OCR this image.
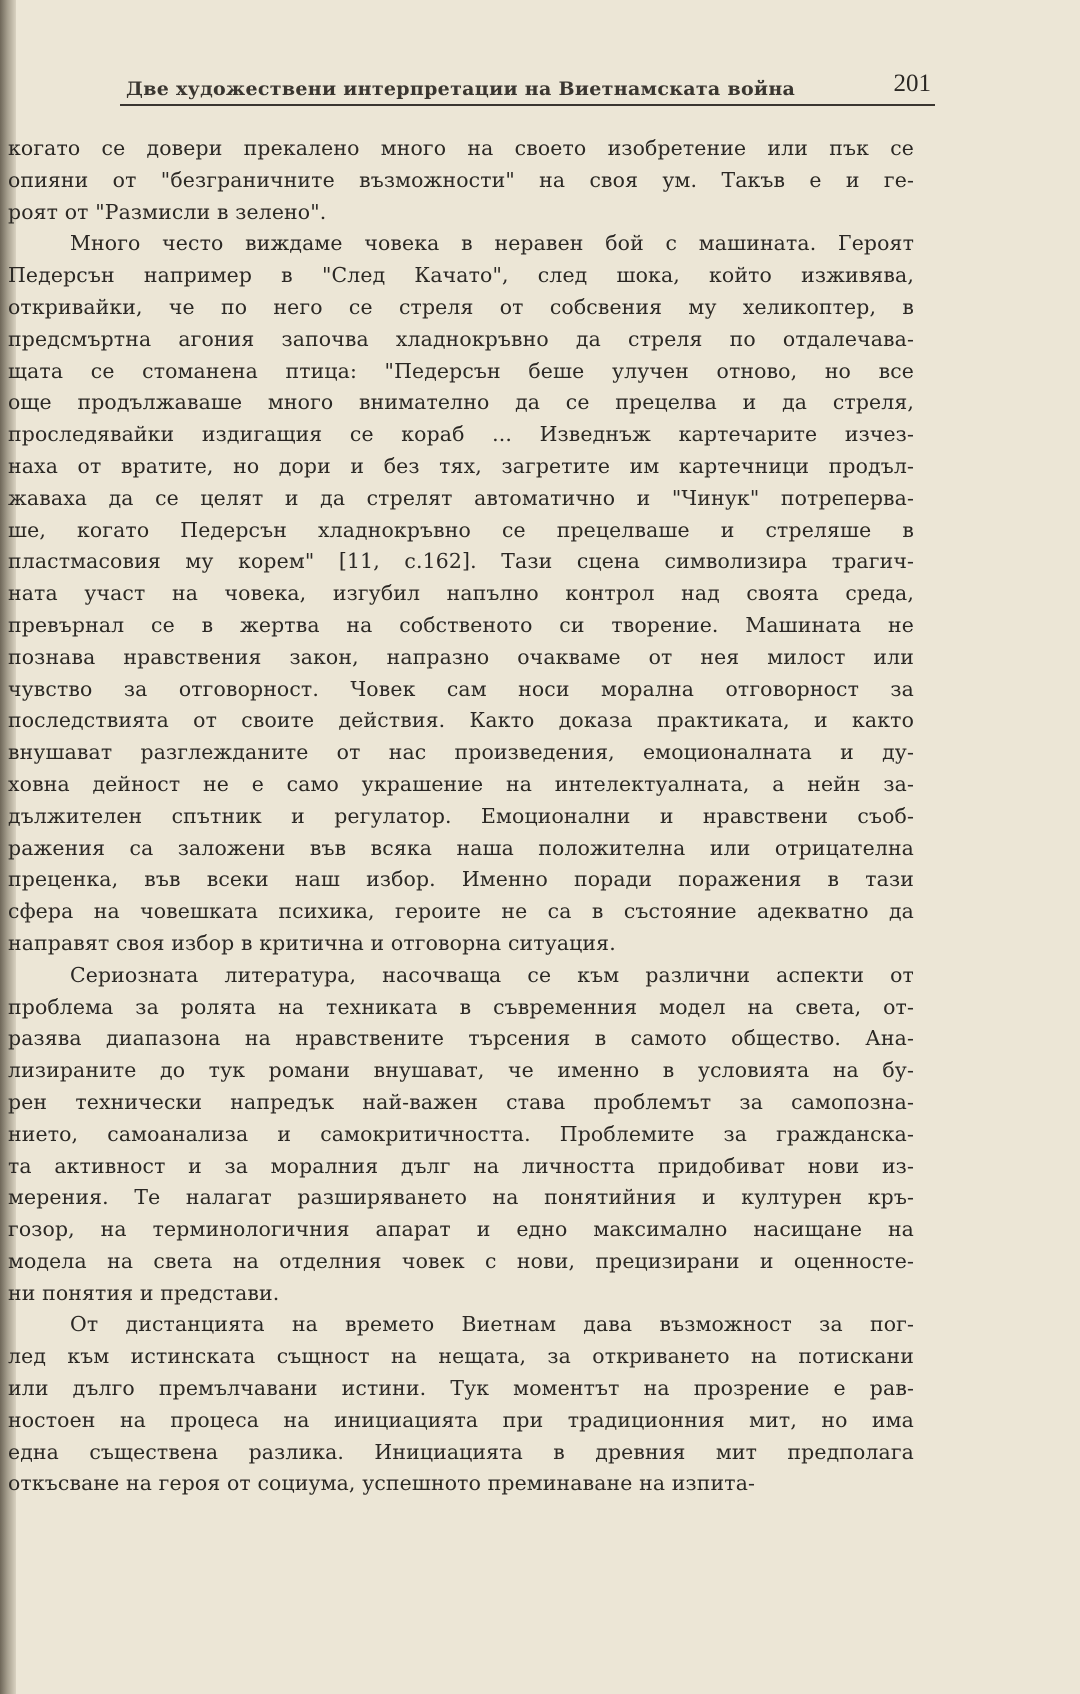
Две художествени интерпретации на Виетнамската война	201
когато се довери прекалено много на своето изобретение или пък се
опияни от "безграничните възможности" на своя ум. Такъв е и ге-
роят от "Размисли в зелено".
Много често виждаме човека в неравен бой с машината. Героят
Педерсън например в "След Качато", след шока, който изживява,
откривайки, че по него се стреля от собсвения му хеликоптер, в
предсмъртна агония започва хладнокръвно да стреля по отдалечава-
щата се стоманена птица: "Педерсън беше улучен отново, но все
още продължаваше много внимателно да се прецелва и да стреля,
проследявайки издигащия се кораб ... Изведнъж картечарите изчез-
наха от вратите, но дори и без тях, загретите им картечници продъл-
жаваха да се целят и да стрелят автоматично и "Чинук" потреперва-
ше, когато Педерсън хладнокръвно се прецелваше и стреляше в
пластмасовия му корем" [11, с.162]. Тази сцена символизира трагич-
ната участ на човека, изгубил напълно контрол над своята среда,
превърнал се в жертва на собственото си творение. Машината не
познава нравствения закон, напразно очакваме от нея милост или
чувство за отговорност. Човек сам носи морална отговорност за
последствията от своите действия. Както доказа практиката, и както
внушават разглежданите от нас произведения, емоционалната и ду-
ховна дейност не е само украшение на интелектуалната, а нейн за-
дължителен спътник и регулатор. Емоционални и нравствени съоб-
ражения са заложени във всяка наша положителна или отрицателна
преценка, във всеки наш избор. Именно поради поражения в тази
сфера на човешката психика, героите не са в състояние адекватно да
направят своя избор в критична и отговорна ситуация.
Сериозната литература, насочваща се към различни аспекти от
проблема за ролята на техниката в съвременния модел на света, от-
разява диапазона на нравствените търсения в самото общество. Ана-
лизираните до тук романи внушават, че именно в условията на бу-
рен технически напредък най-важен става проблемът за самопозна-
нието, самоанализа и самокритичността. Проблемите за гражданска-
та активност и за моралния дълг на личността придобиват нови из-
мерения. Те налагат разширяването на понятийния и културен кръ-
гозор, на терминологичния апарат и едно максимално насищане на
модела на света на отделния човек с нови, прецизирани и оценносте-
ни понятия и представи.
От дистанцията на времето Виетнам дава възможност за пог-
лед към истинската същност на нещата, за откриването на потискани
или дълго премълчавани истини. Тук моментът на прозрение е рав-
ностоен на процеса на инициацията при традиционния мит, но има
една съществена разлика. Инициацията в древния мит предполага
откъсване на героя от социума, успешното преминаване на изпита-
